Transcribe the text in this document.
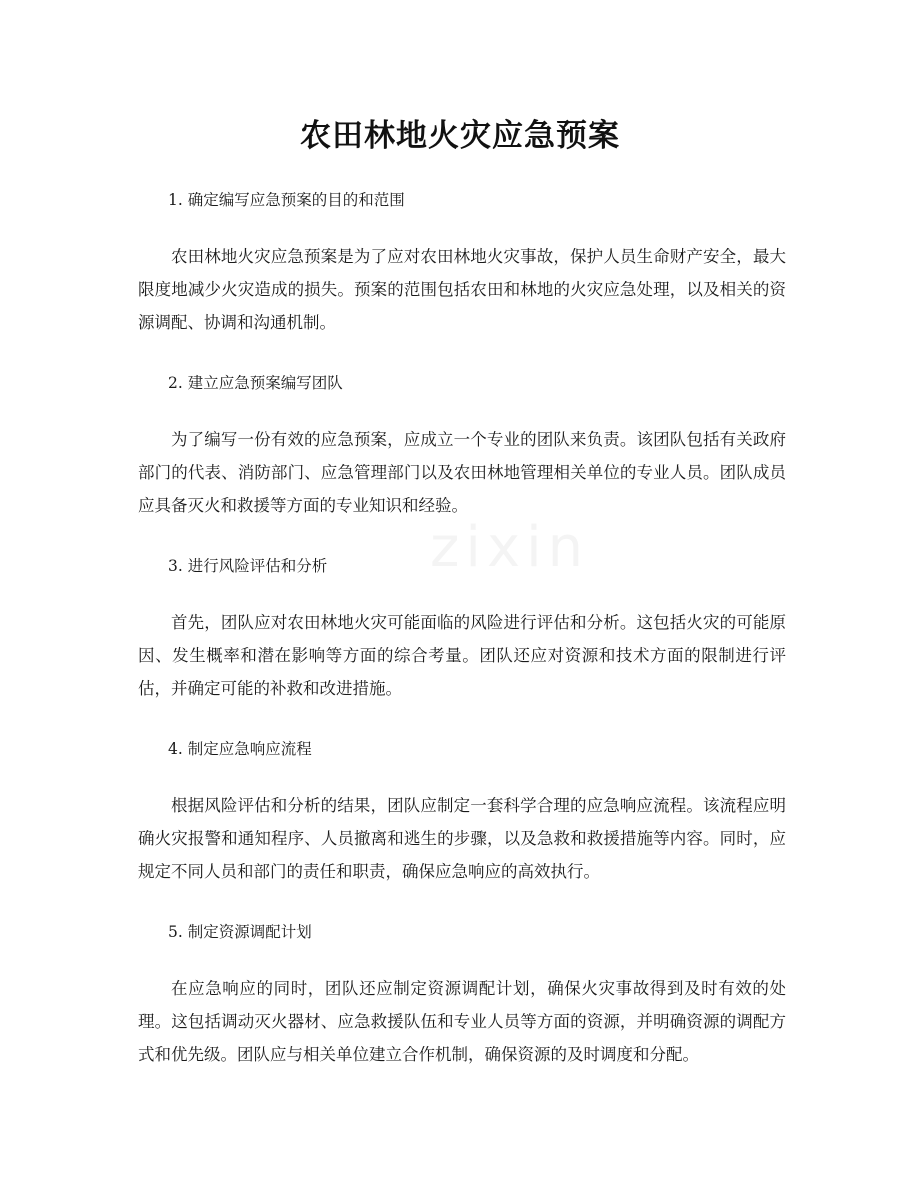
农田林地火灾应急预案

1. 确定编写应急预案的目的和范围

农田林地火灾应急预案是为了应对农田林地火灾事故，保护人员生命财产安全，最大限度地减少火灾造成的损失。预案的范围包括农田和林地的火灾应急处理，以及相关的资源调配、协调和沟通机制。

2. 建立应急预案编写团队

为了编写一份有效的应急预案，应成立一个专业的团队来负责。该团队包括有关政府部门的代表、消防部门、应急管理部门以及农田林地管理相关单位的专业人员。团队成员应具备灭火和救援等方面的专业知识和经验。

3. 进行风险评估和分析

首先，团队应对农田林地火灾可能面临的风险进行评估和分析。这包括火灾的可能原因、发生概率和潜在影响等方面的综合考量。团队还应对资源和技术方面的限制进行评估，并确定可能的补救和改进措施。

4. 制定应急响应流程

根据风险评估和分析的结果，团队应制定一套科学合理的应急响应流程。该流程应明确火灾报警和通知程序、人员撤离和逃生的步骤，以及急救和救援措施等内容。同时，应规定不同人员和部门的责任和职责，确保应急响应的高效执行。

5. 制定资源调配计划

在应急响应的同时，团队还应制定资源调配计划，确保火灾事故得到及时有效的处理。这包括调动灭火器材、应急救援队伍和专业人员等方面的资源，并明确资源的调配方式和优先级。团队应与相关单位建立合作机制，确保资源的及时调度和分配。
